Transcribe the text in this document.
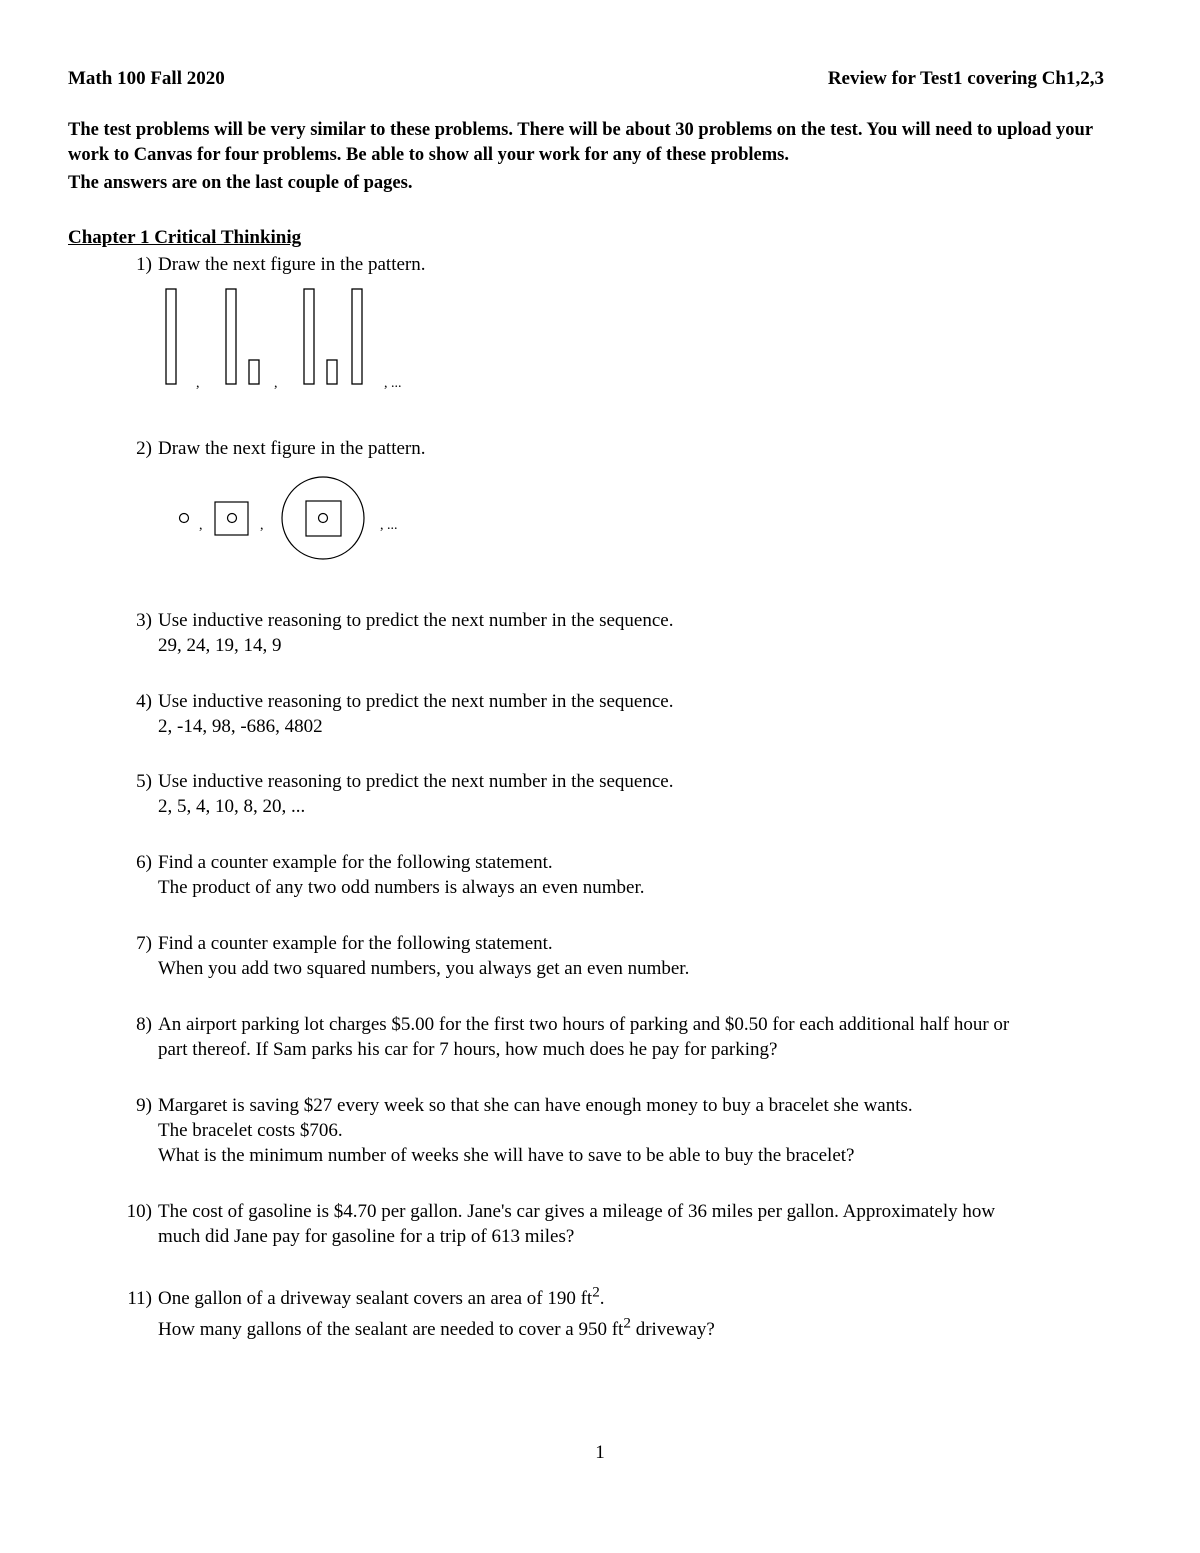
Math 100 Fall 2020	Review for Test1 covering Ch1,2,3
The test problems will be very similar to these problems. There will be about 30 problems on the test. You will need to upload your work to Canvas for four problems. Be able to show all your work for any of these problems.
The answers are on the last couple of pages.
Chapter 1 Critical Thinkinig
1) Draw the next figure in the pattern.
,	,	, ...
2) Draw the next figure in the pattern.
,	,	, ...
3) Use inductive reasoning to predict the next number in the sequence.
29, 24, 19, 14, 9
4) Use inductive reasoning to predict the next number in the sequence.
2, -14, 98, -686, 4802
5) Use inductive reasoning to predict the next number in the sequence.
2, 5, 4, 10, 8, 20, ...
6) Find a counter example for the following statement.
The product of any two odd numbers is always an even number.
7) Find a counter example for the following statement.
When you add two squared numbers, you always get an even number.
8) An airport parking lot charges $5.00 for the first two hours of parking and $0.50 for each additional half hour or
part thereof. If Sam parks his car for 7 hours, how much does he pay for parking?
9) Margaret is saving $27 every week so that she can have enough money to buy a bracelet she wants.
The bracelet costs $706.
What is the minimum number of weeks she will have to save to be able to buy the bracelet?
10) The cost of gasoline is $4.70 per gallon. Jane's car gives a mileage of 36 miles per gallon. Approximately how
much did Jane pay for gasoline for a trip of 613 miles?
11) One gallon of a driveway sealant covers an area of 190 $ft^2$.
How many gallons of the sealant are needed to cover a 950 $ft^2$ driveway?
1
